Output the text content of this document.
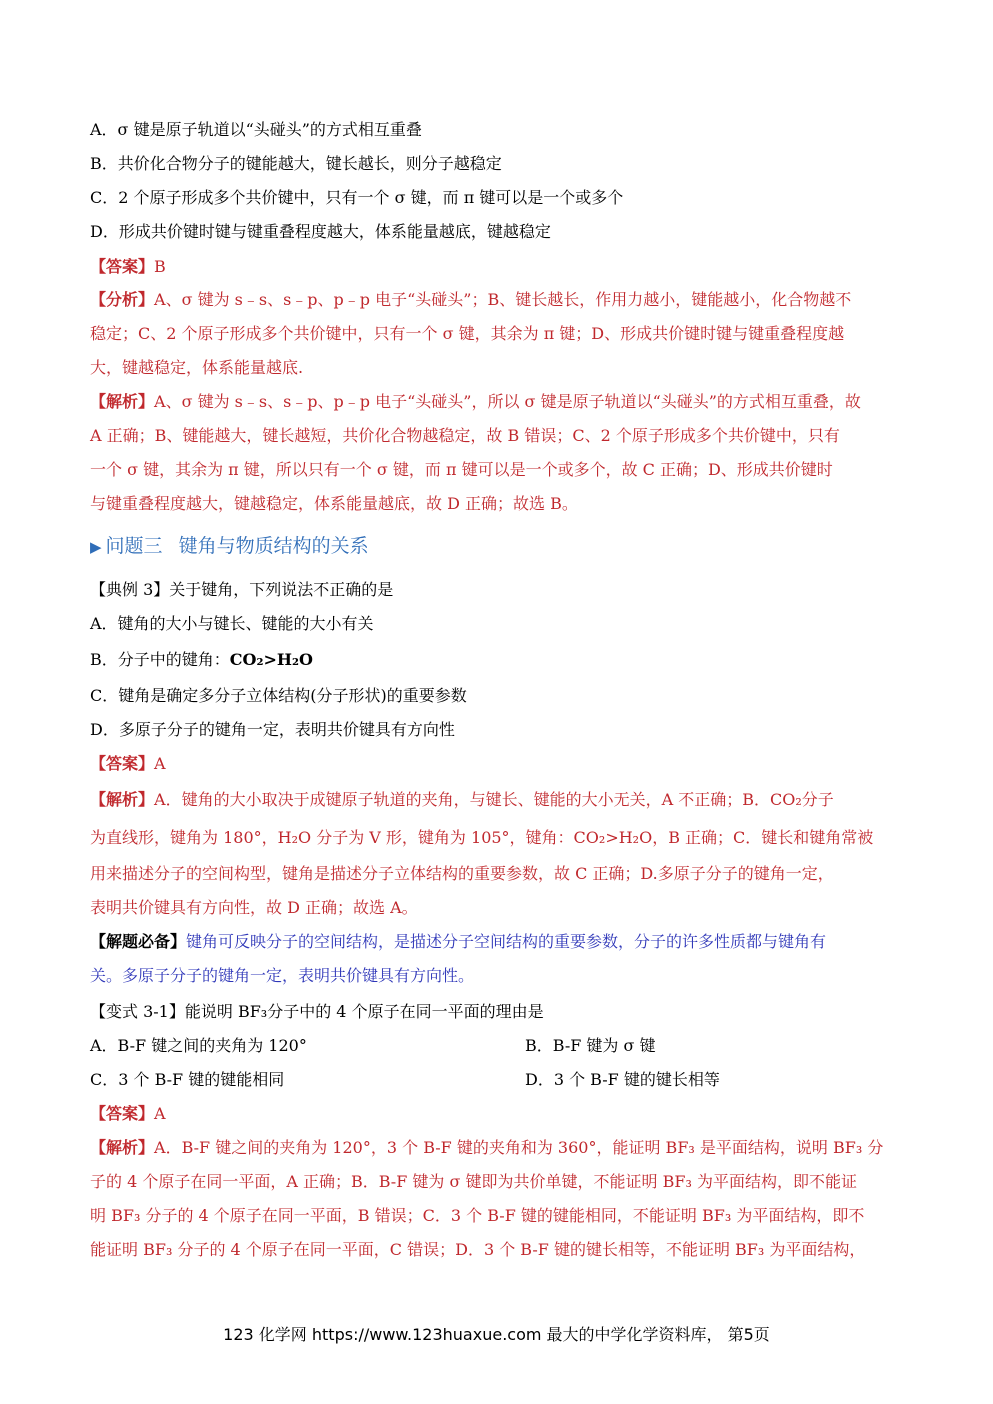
A．σ 键是原子轨道以“头碰头”的方式相互重叠
B．共价化合物分子的键能越大，键长越长，则分子越稳定
C．2 个原子形成多个共价键中，只有一个 σ 键，而 π 键可以是一个或多个
D．形成共价键时键与键重叠程度越大，体系能量越底，键越稳定
【答案】B
【分析】A、σ 键为 s﹣s、s﹣p、p﹣p 电子“头碰头”；B、键长越长，作用力越小，键能越小，化合物越不
稳定；C、2 个原子形成多个共价键中，只有一个 σ 键，其余为 π 键；D、形成共价键时键与键重叠程度越
大，键越稳定，体系能量越底.
【解析】A、σ 键为 s﹣s、s﹣p、p﹣p 电子“头碰头”，所以 σ 键是原子轨道以“头碰头”的方式相互重叠，故
A 正确；B、键能越大，键长越短，共价化合物越稳定，故 B 错误；C、2 个原子形成多个共价键中，只有
一个 σ 键，其余为 π 键，所以只有一个 σ 键，而 π 键可以是一个或多个，故 C 正确；D、形成共价键时
与键重叠程度越大，键越稳定，体系能量越底，故 D 正确；故选 B。
▶ 问题三 键角与物质结构的关系
【典例 3】关于键角，下列说法不正确的是
A．键角的大小与键长、键能的大小有关
B．分子中的键角：CO₂>H₂O
C．键角是确定多分子立体结构(分子形状)的重要参数
D．多原子分子的键角一定，表明共价键具有方向性
【答案】A
【解析】A．键角的大小取决于成键原子轨道的夹角，与键长、键能的大小无关，A 不正确；B．CO₂分子
为直线形，键角为 180°，H₂O 分子为 V 形，键角为 105°，键角：CO₂>H₂O，B 正确；C．键长和键角常被
用来描述分子的空间构型，键角是描述分子立体结构的重要参数，故 C 正确；D.多原子分子的键角一定，
表明共价键具有方向性，故 D 正确；故选 A。
【解题必备】键角可反映分子的空间结构，是描述分子空间结构的重要参数，分子的许多性质都与键角有
关。多原子分子的键角一定，表明共价键具有方向性。
【变式 3-1】能说明 BF₃分子中的 4 个原子在同一平面的理由是
A．B-F 键之间的夹角为 120°	B．B-F 键为 σ 键
C．3 个 B-F 键的键能相同	D．3 个 B-F 键的键长相等
【答案】A
【解析】A．B-F 键之间的夹角为 120°，3 个 B-F 键的夹角和为 360°，能证明 BF₃ 是平面结构，说明 BF₃ 分
子的 4 个原子在同一平面，A 正确；B．B-F 键为 σ 键即为共价单键，不能证明 BF₃ 为平面结构，即不能证
明 BF₃ 分子的 4 个原子在同一平面，B 错误；C．3 个 B-F 键的键能相同，不能证明 BF₃ 为平面结构，即不
能证明 BF₃ 分子的 4 个原子在同一平面，C 错误；D．3 个 B-F 键的键长相等，不能证明 BF₃ 为平面结构，
123 化学网 https://www.123huaxue.com 最大的中学化学资料库， 第5页
